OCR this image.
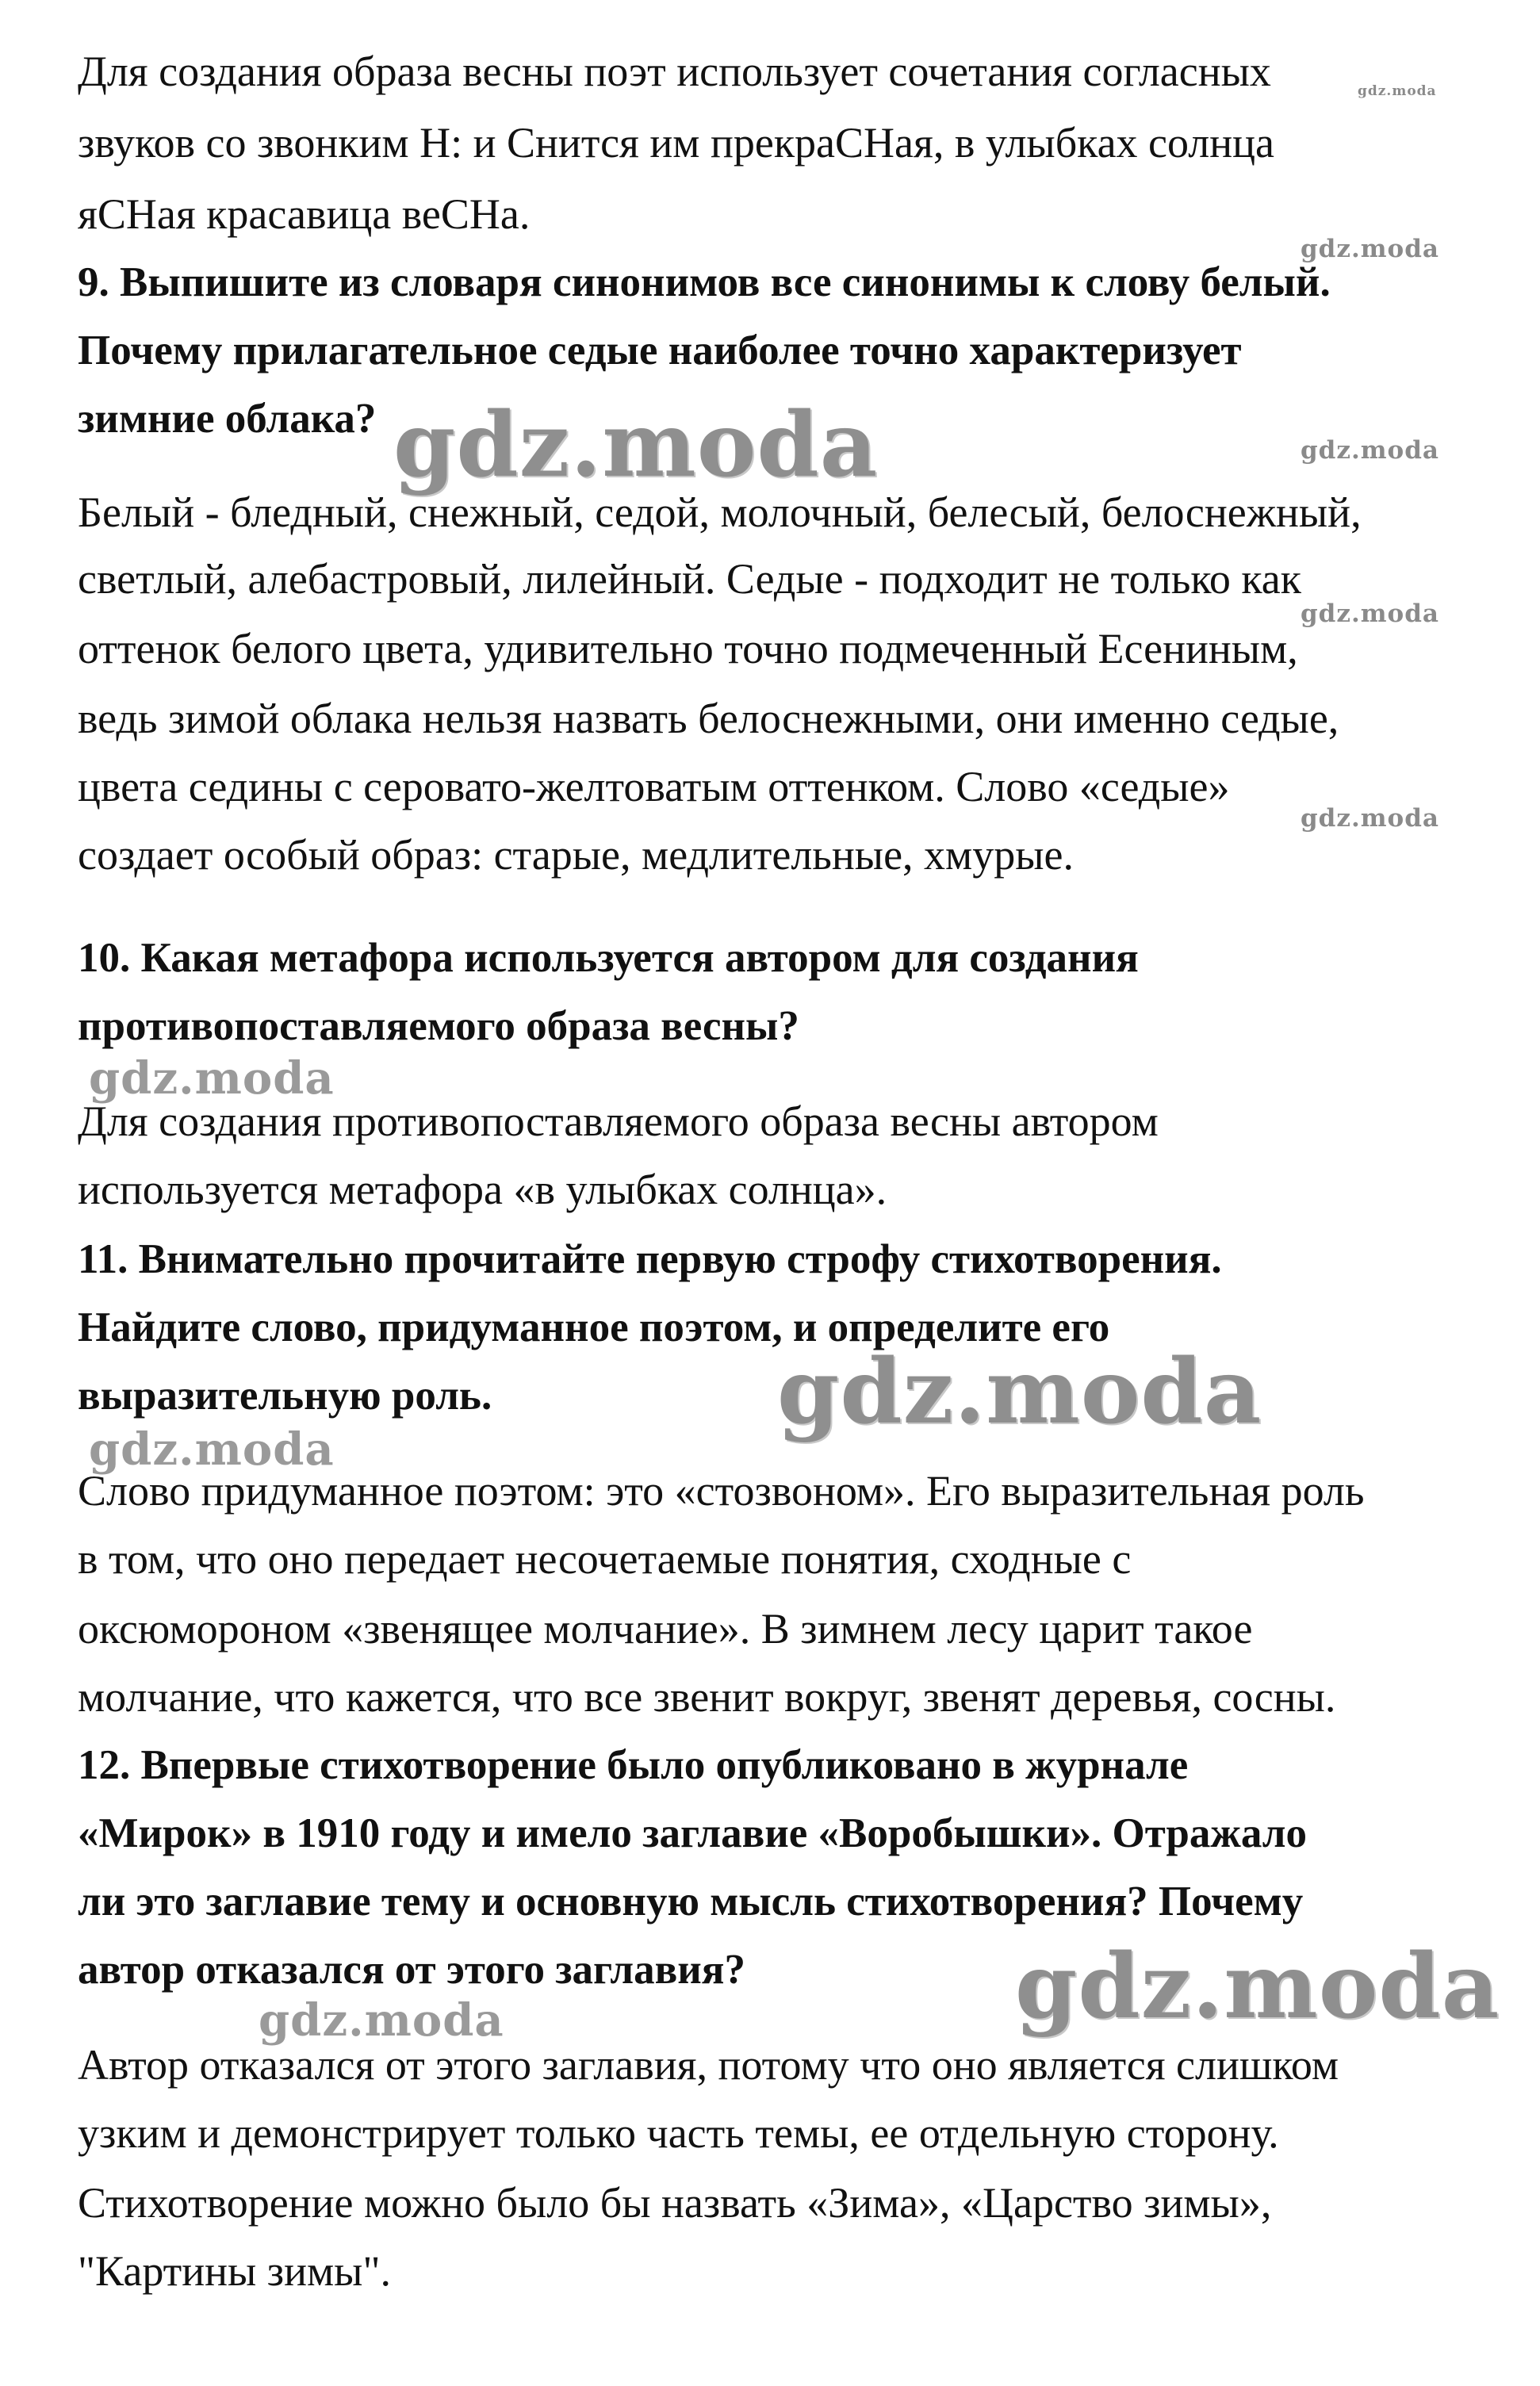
Для создания образа весны поэт использует сочетания согласных
звуков со звонким Н: и Снится им прекраСНая, в улыбках солнца
яСНая красавица веСНа.
9. Выпишите из словаря синонимов все синонимы к слову белый.
Почему прилагательное седые наиболее точно характеризует
зимние облака?
Белый - бледный, снежный, седой, молочный, белесый, белоснежный,
светлый, алебастровый, лилейный. Седые - подходит не только как
оттенок белого цвета, удивительно точно подмеченный Есениным,
ведь зимой облака нельзя назвать белоснежными, они именно седые,
цвета седины с серовато-желтоватым оттенком. Слово «седые»
создает особый образ: старые, медлительные, хмурые.
10. Какая метафора используется автором для создания
противопоставляемого образа весны?
Для создания противопоставляемого образа весны автором
используется метафора «в улыбках солнца».
11. Внимательно прочитайте первую строфу стихотворения.
Найдите слово, придуманное поэтом, и определите его
выразительную роль.
Слово придуманное поэтом: это «стозвоном». Его выразительная роль
в том, что оно передает несочетаемые понятия, сходные с
оксюмороном «звенящее молчание». В зимнем лесу царит такое
молчание, что кажется, что все звенит вокруг, звенят деревья, сосны.
12. Впервые стихотворение было опубликовано в журнале
«Мирок» в 1910 году и имело заглавие «Воробышки». Отражало
ли это заглавие тему и основную мысль стихотворения? Почему
автор отказался от этого заглавия?
Автор отказался от этого заглавия, потому что оно является слишком
узким и демонстрирует только часть темы, ее отдельную сторону.
Стихотворение можно было бы назвать «Зима», «Царство зимы»,
"Картины зимы".
gdz.moda
gdz.moda
gdz.moda	gdz.moda
gdz.moda
gdz.moda
gdz.moda
gdz.moda
gdz.moda
gdz.moda
gdz.moda
